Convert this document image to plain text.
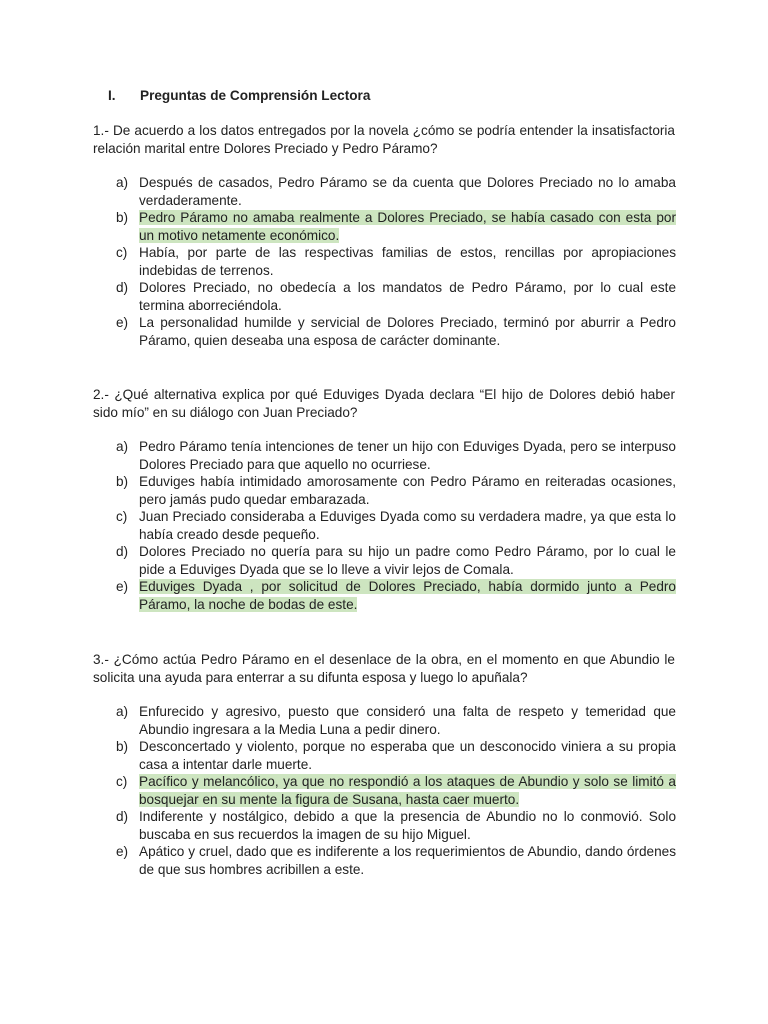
I. Preguntas de Comprensión Lectora
1.- De acuerdo a los datos entregados por la novela ¿cómo se podría entender la insatisfactoria relación marital entre Dolores Preciado y Pedro Páramo?
a) Después de casados, Pedro Páramo se da cuenta que Dolores Preciado no lo amaba verdaderamente.
b) Pedro Páramo no amaba realmente a Dolores Preciado, se había casado con esta por un motivo netamente económico.
c) Había, por parte de las respectivas familias de estos, rencillas por apropiaciones indebidas de terrenos.
d) Dolores Preciado, no obedecía a los mandatos de Pedro Páramo, por lo cual este termina aborreciéndola.
e) La personalidad humilde y servicial de Dolores Preciado, terminó por aburrir a Pedro Páramo, quien deseaba una esposa de carácter dominante.
2.- ¿Qué alternativa explica por qué Eduviges Dyada declara “El hijo de Dolores debió haber sido mío” en su diálogo con Juan Preciado?
a) Pedro Páramo tenía intenciones de tener un hijo con Eduviges Dyada, pero se interpuso Dolores Preciado para que aquello no ocurriese.
b) Eduviges había intimidado amorosamente con Pedro Páramo en reiteradas ocasiones, pero jamás pudo quedar embarazada.
c) Juan Preciado consideraba a Eduviges Dyada como su verdadera madre, ya que esta lo había creado desde pequeño.
d) Dolores Preciado no quería para su hijo un padre como Pedro Páramo, por lo cual le pide a Eduviges Dyada que se lo lleve a vivir lejos de Comala.
e) Eduviges Dyada , por solicitud de Dolores Preciado, había dormido junto a Pedro Páramo, la noche de bodas de este.
3.- ¿Cómo actúa Pedro Páramo en el desenlace de la obra, en el momento en que Abundio le solicita una ayuda para enterrar a su difunta esposa y luego lo apuñala?
a) Enfurecido y agresivo, puesto que consideró una falta de respeto y temeridad que Abundio ingresara a la Media Luna a pedir dinero.
b) Desconcertado y violento, porque no esperaba que un desconocido viniera a su propia casa a intentar darle muerte.
c) Pacífico y melancólico, ya que no respondió a los ataques de Abundio y solo se limitó a bosquejar en su mente la figura de Susana, hasta caer muerto.
d) Indiferente y nostálgico, debido a que la presencia de Abundio no lo conmovió. Solo buscaba en sus recuerdos la imagen de su hijo Miguel.
e) Apático y cruel, dado que es indiferente a los requerimientos de Abundio, dando órdenes de que sus hombres acribillen a este.
